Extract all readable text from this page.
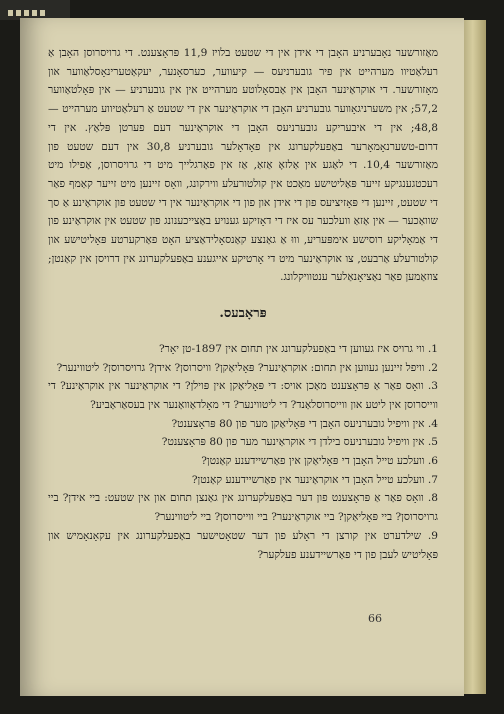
מאַזורשער נאָבערניע האָבן די אידן אין די שטעט בלויז 11,9 פּראָצענט. די גרויסרוסן האָבן אַ רעלאַטיוו מערהייט אין פיר גובערניעס — קיעווער, כערסאָנער, יעקאַטערינאָסלאַווער און מאָזורשער. די אוקראַינער האָבן אין אַבסאָלוטע מערהייט אין אין גובערניע — אין פּאָלטאַווער 57,2; אין משערניגאָווער גובערניע האָבן די אוקראַינער אין די שטעט אַ רעלאַטיווע מערהייט — 48,8; אין די איבעריקע גובערניעס האָבן די אוקראַינער דעם פערטן פּלאַץ. אין די דרום-טשערנאָמאָרער באַפעלקערונג אין פאָדאָלער גובערניע 30,8 אין דעם שטעט פון מאַזורשער 10,4. די לאַגע אין אַלזאָ אַזאַ, אַז אין פאַרגלייך מיט די גרויסרוסן, אַפילו מיט רעכטגענגיקע זייער פּאַליטישע מאַכט אין קולטורעלע ווירקונג, וואָס זיינען מיט זייער קאַמף פאַר די שטעט, זיינען די פּאָזיציעס פון די אידן און פון די אוקראַינער אין די שטעט פון אוקראַינע אַ סך שוואַכער — אין אַזאַ וועלכער עס איז די דאָזיקע גענויע באַצייכענונג פון שטעט אין אוקראַינע פון די אַמאָליקע רוסישע אימפּעריע, וווּ אַ גאַנצע קאַנסאָלידאַציע האָט פאַרקערטע פּאָליטישע און קולטורעלע אַרבעט, צו אוקראַינער מיט די אָרטיקע אייגענע באַפעלקערונג אין דרויסן אין קאַנטן; צוזאַמען פאַר נאַציאָנאַלער ענטוויקלונג.

פּראָבעס.
1. ווי גרויס איז געווען די באַפעלקערונג אין תחום אין 1897-טן יאָר?
2. וויפל זיינען געווען אין תחום: אוקראַינער? פּאָליאַקן? וויסרוסן? אידן? גרויסרוסן? ליטווינער?
3. וואָס פאַר אַ פּראָצענט מאַכן אויס: די פּאָליאַקן אין פּוילן? די אוקראַינער אין אוקראַינע? די ווייסרוסן אין ליטע און ווייסרוסלאַנד? די ליטווינער? די מאָלדאַוואַנער אין בעסאַראַביע?
4. אין וויפיל גובערניעס האָבן די פּאָליאַקן מער פון 80 פּראָצענט?
5. אין וויפיל גובערניעס בילדן די אוקראַינער מער פון 80 פּראָצענט?
6. וועלכע טייל האָבן די פּאָליאַקן אין פאַרשיידענע קאַנטן?
7. וועלכע טייל האָבן די אוקראַינער אין פאַרשיידענע קאַנטן?
8. וואָס פאַר אַ פּראָצענט פון דער באַפעלקערונג אין גאַנצן תחום און אין שטעט: ביי אידן? ביי גרויסרוסן? ביי פּאָליאַקן? ביי אוקראַינער? ביי ווייסרוסן? ביי ליטווינער?
9. שילדערט אין קורצן די ראָלע פון דער שטאָטישער באַפעלקערונג אין עקאָנאָמיש און פּאָליטיש לעבן פון די פאַרשיידענע פעלקער?
66
